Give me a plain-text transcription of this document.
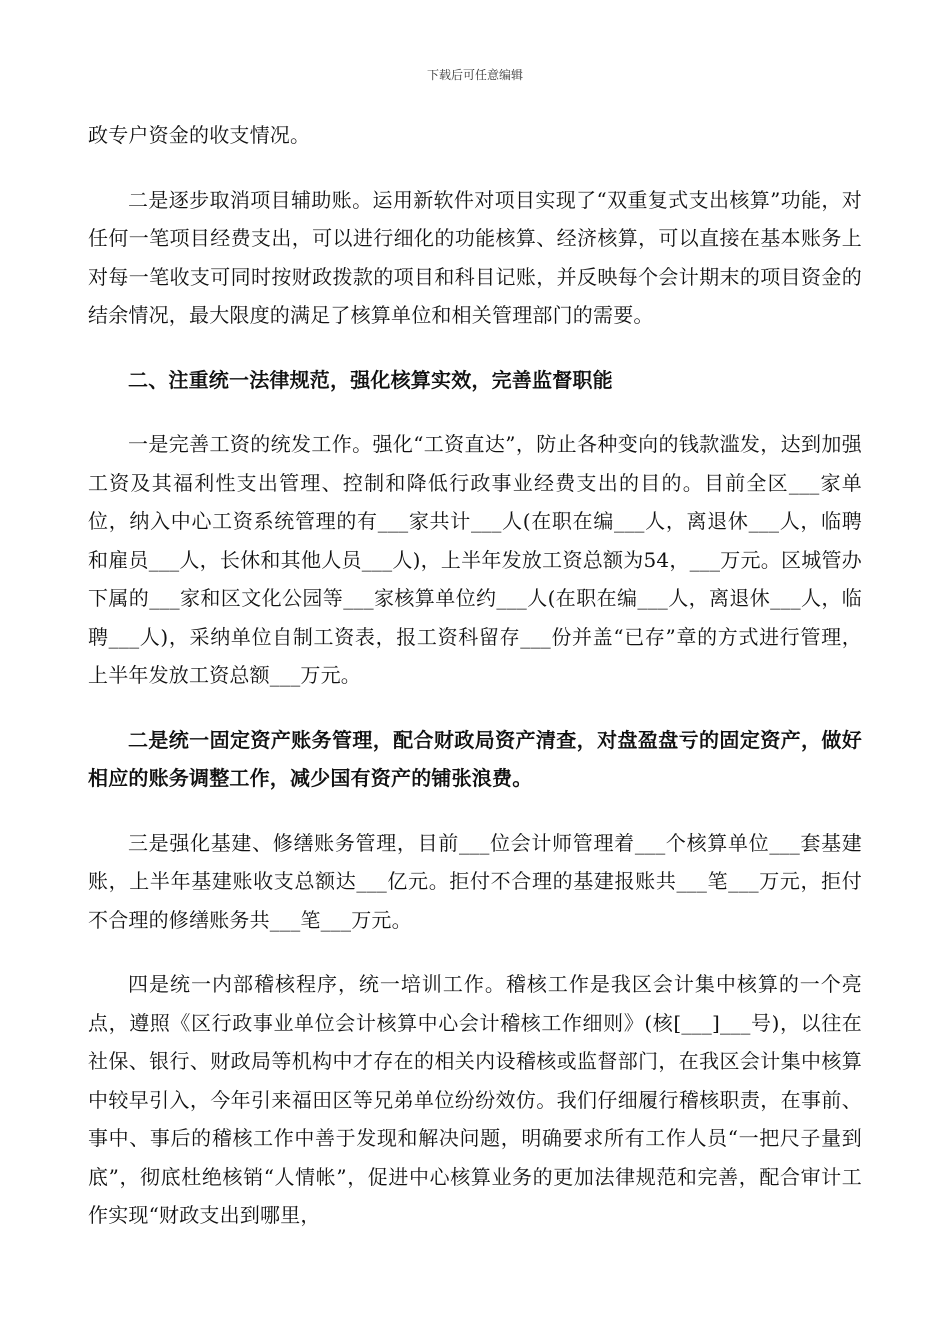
下载后可任意编辑

政专户资金的收支情况。

二是逐步取消项目辅助账。运用新软件对项目实现了“双重复式支出核算”功能，对任何一笔项目经费支出，可以进行细化的功能核算、经济核算，可以直接在基本账务上对每一笔收支可同时按财政拨款的项目和科目记账，并反映每个会计期末的项目资金的结余情况，最大限度的满足了核算单位和相关管理部门的需要。

二、注重统一法律规范，强化核算实效，完善监督职能

一是完善工资的统发工作。强化“工资直达”，防止各种变向的钱款滥发，达到加强工资及其福利性支出管理、控制和降低行政事业经费支出的目的。目前全区___家单位，纳入中心工资系统管理的有___家共计___人(在职在编___人，离退休___人，临聘和雇员___人，长休和其他人员___人)，上半年发放工资总额为54，___万元。区城管办下属的___家和区文化公园等___家核算单位约___人(在职在编___人，离退休___人，临聘___人)，采纳单位自制工资表，报工资科留存___份并盖“已存”章的方式进行管理，上半年发放工资总额___万元。

二是统一固定资产账务管理，配合财政局资产清查，对盘盈盘亏的固定资产，做好相应的账务调整工作，减少国有资产的铺张浪费。

三是强化基建、修缮账务管理，目前___位会计师管理着___个核算单位___套基建账，上半年基建账收支总额达___亿元。拒付不合理的基建报账共___笔___万元，拒付不合理的修缮账务共___笔___万元。

四是统一内部稽核程序，统一培训工作。稽核工作是我区会计集中核算的一个亮点，遵照《区行政事业单位会计核算中心会计稽核工作细则》(核[___]___号)，以往在社保、银行、财政局等机构中才存在的相关内设稽核或监督部门，在我区会计集中核算中较早引入，今年引来福田区等兄弟单位纷纷效仿。我们仔细履行稽核职责，在事前、事中、事后的稽核工作中善于发现和解决问题，明确要求所有工作人员“一把尺子量到底”，彻底杜绝核销“人情帐”，促进中心核算业务的更加法律规范和完善，配合审计工作实现“财政支出到哪里，
